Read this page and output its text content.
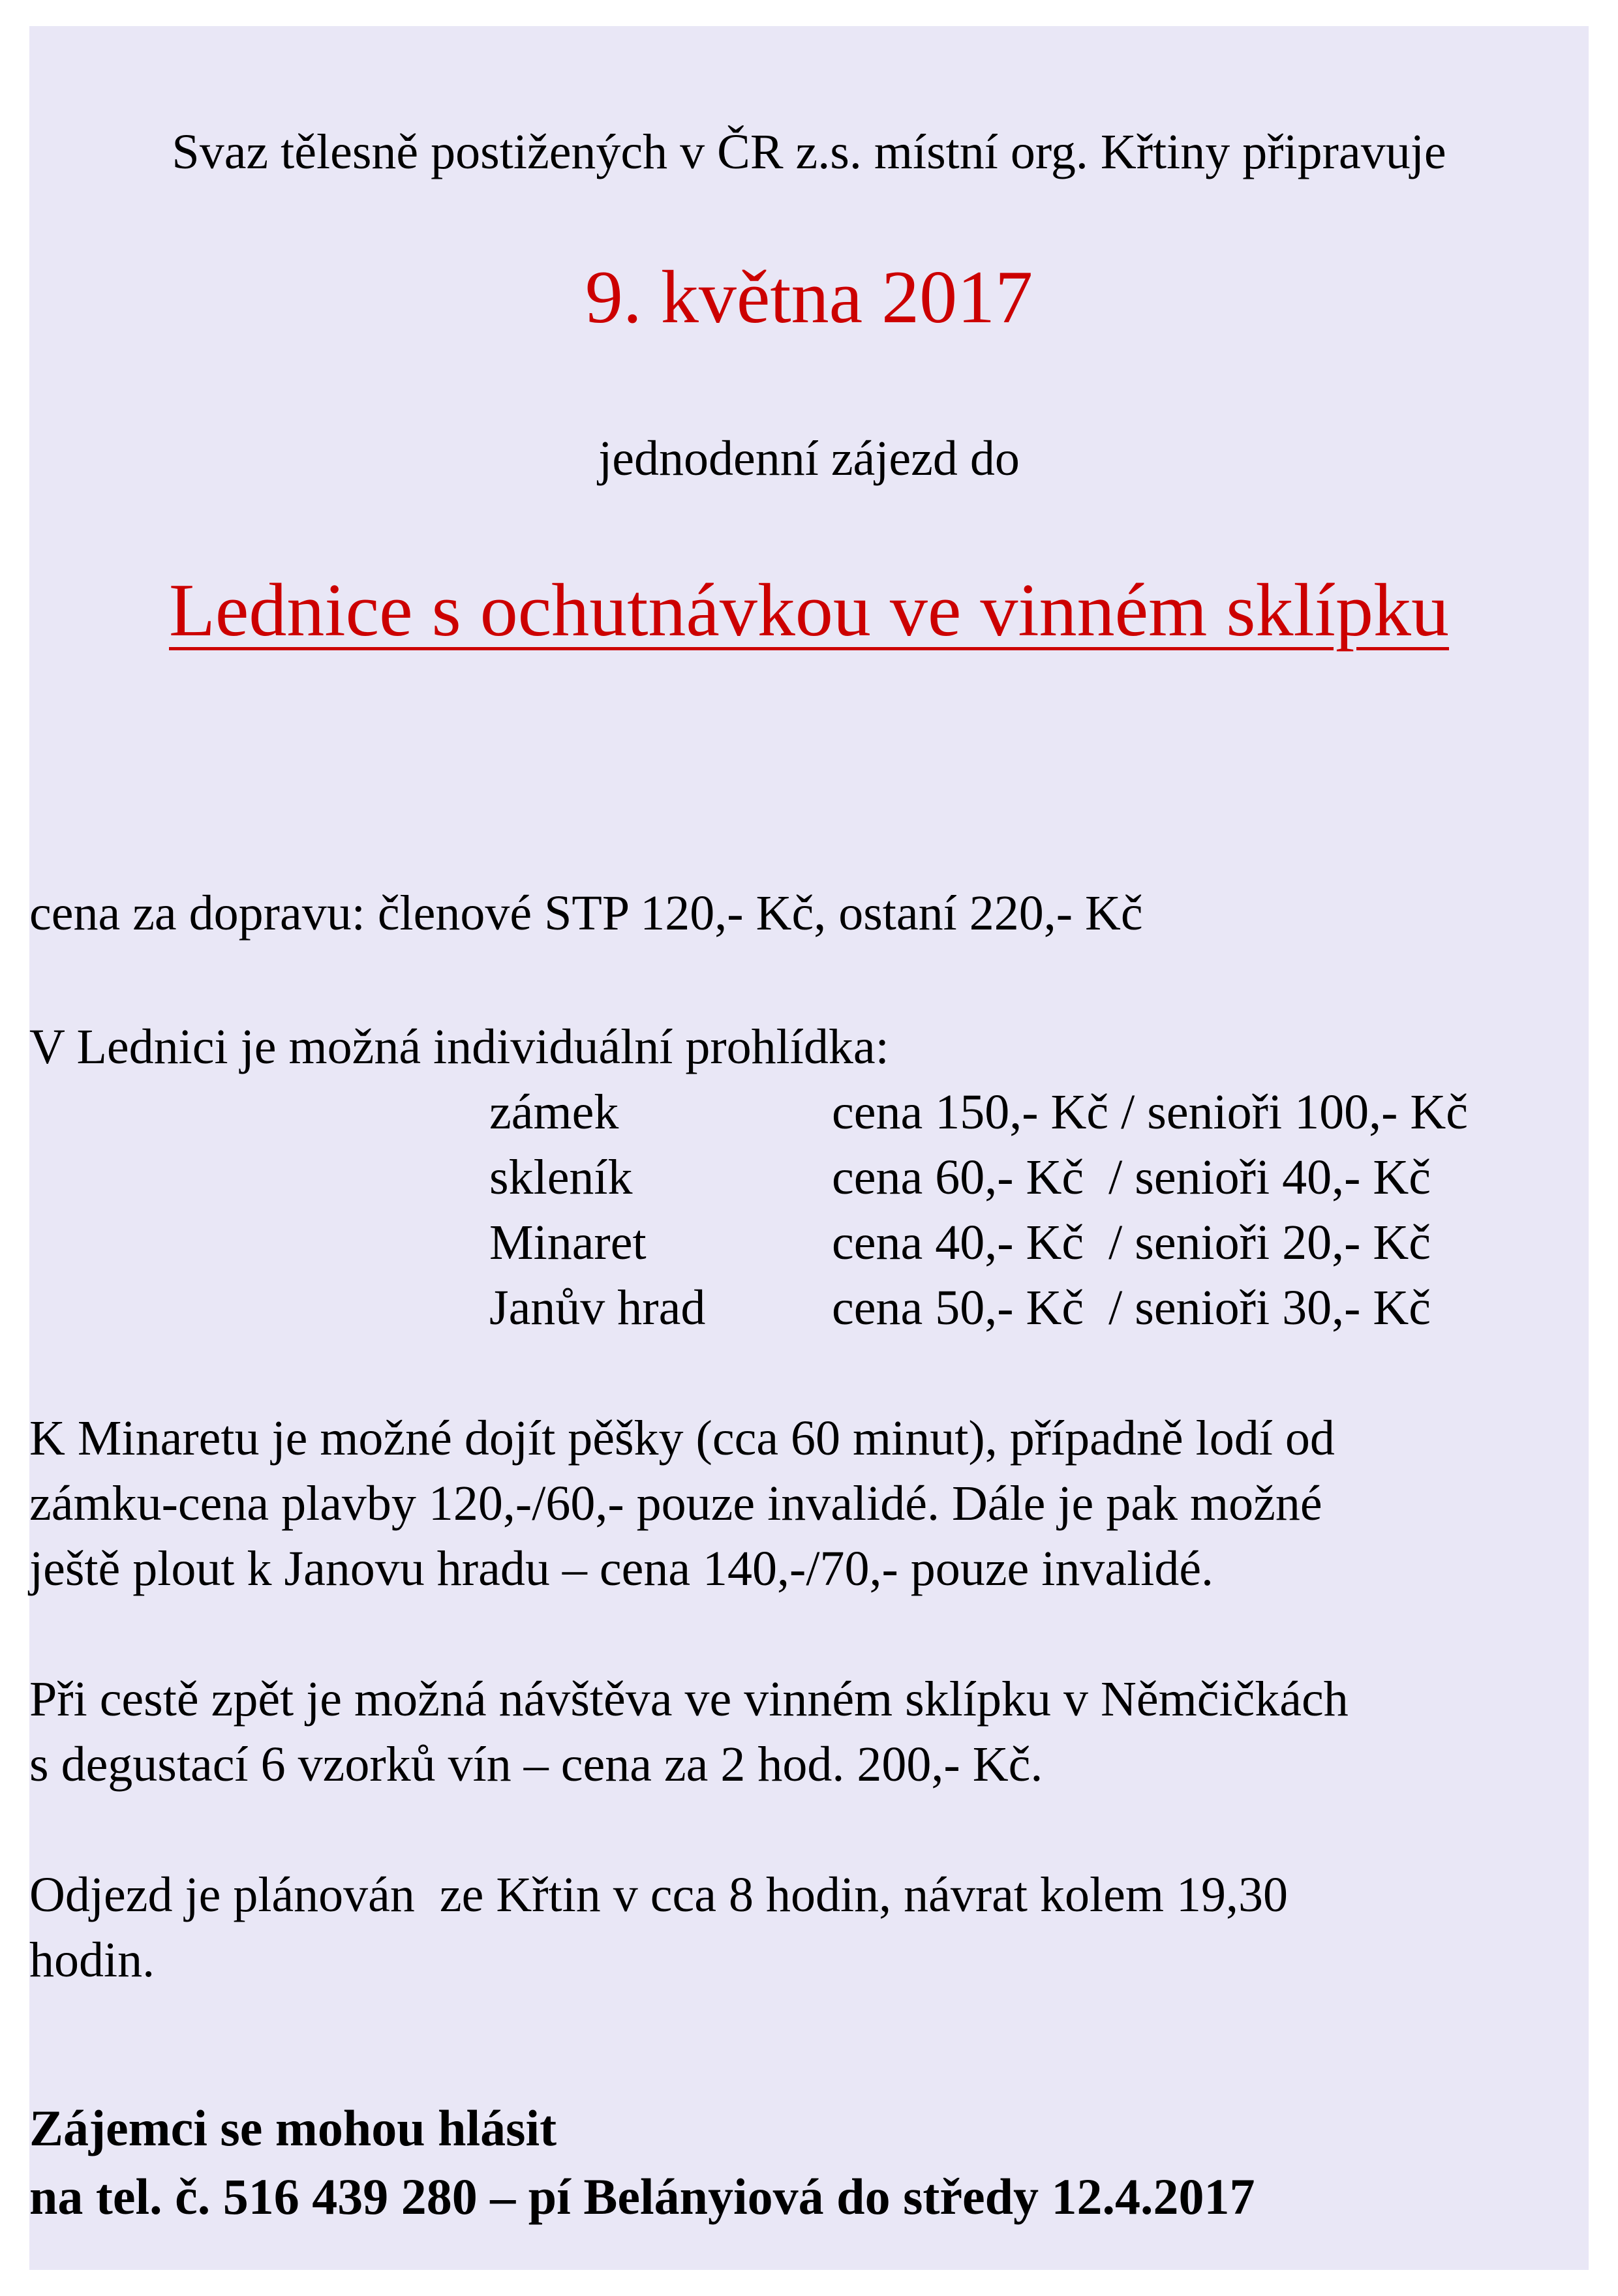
Svaz tělesně postižených v ČR z.s. místní org. Křtiny připravuje

9. května 2017

jednodenní zájezd do

Lednice s ochutnávkou ve vinném sklípku

cena za dopravu: členové STP 120,- Kč, ostaní 220,- Kč

V Lednici je možná individuální prohlídka:

zámek	cena 150,- Kč / senioři 100,- Kč
skleník	cena 60,- Kč  / senioři 40,- Kč
Minaret	cena 40,- Kč  / senioři 20,- Kč
Janův hrad	cena 50,- Kč  / senioři 30,- Kč
K Minaretu je možné dojít pěšky (cca 60 minut), případně lodí od
zámku-cena plavby 120,-/60,- pouze invalidé. Dále je pak možné
ještě plout k Janovu hradu – cena 140,-/70,- pouze invalidé.
Při cestě zpět je možná návštěva ve vinném sklípku v Němčičkách
s degustací 6 vzorků vín – cena za 2 hod. 200,- Kč.
Odjezd je plánován  ze Křtin v cca 8 hodin, návrat kolem 19,30
hodin.
Zájemci se mohou hlásit
na tel. č. 516 439 280 – pí Belányiová do středy 12.4.2017
